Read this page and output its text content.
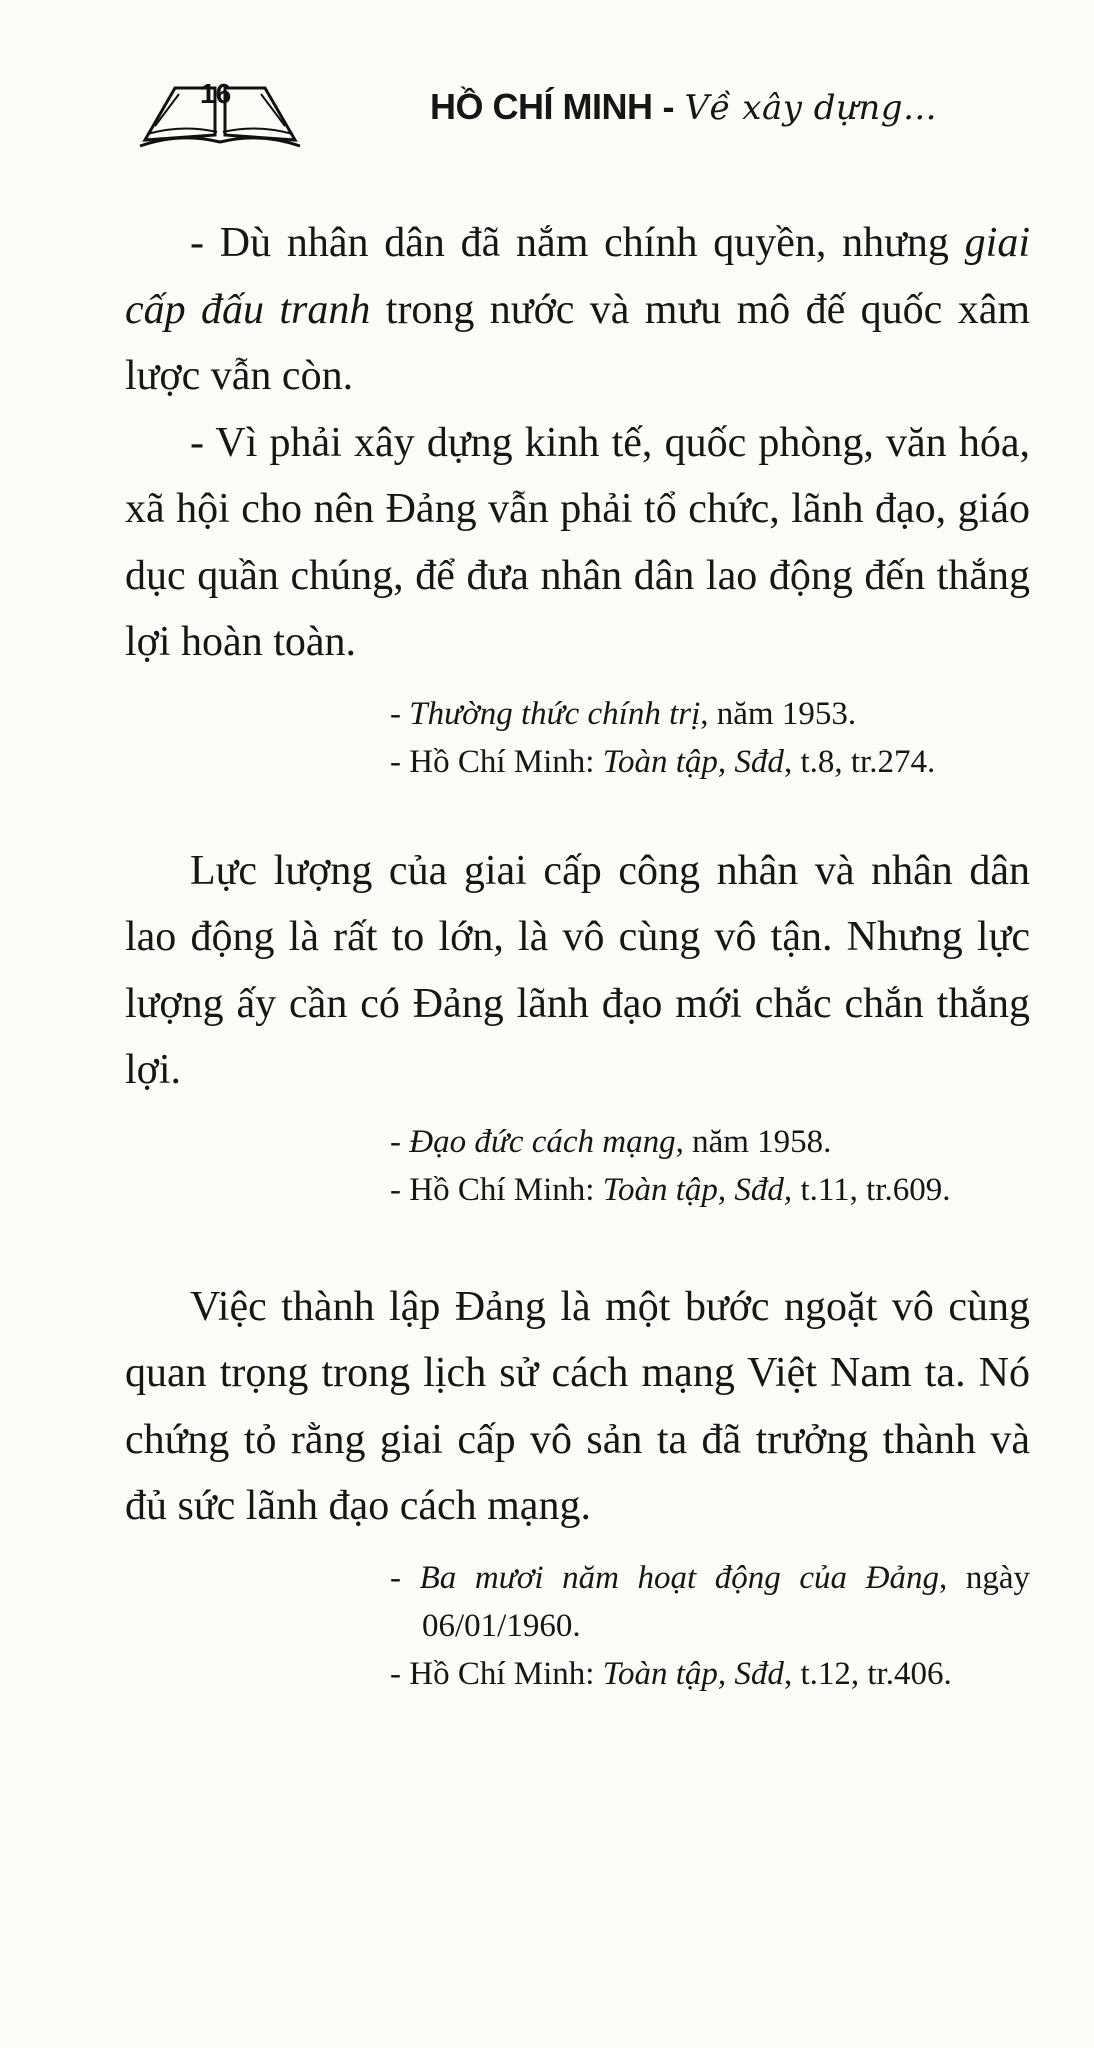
16	HỒ CHÍ MINH - Về xây dựng...

- Dù nhân dân đã nắm chính quyền, nhưng giai cấp đấu tranh trong nước và mưu mô đế quốc xâm lược vẫn còn.

- Vì phải xây dựng kinh tế, quốc phòng, văn hóa, xã hội cho nên Đảng vẫn phải tổ chức, lãnh đạo, giáo dục quần chúng, để đưa nhân dân lao động đến thắng lợi hoàn toàn.

- Thường thức chính trị, năm 1953.
- Hồ Chí Minh: Toàn tập, Sđd, t.8, tr.274.

Lực lượng của giai cấp công nhân và nhân dân lao động là rất to lớn, là vô cùng vô tận. Nhưng lực lượng ấy cần có Đảng lãnh đạo mới chắc chắn thắng lợi.

- Đạo đức cách mạng, năm 1958.
- Hồ Chí Minh: Toàn tập, Sđd, t.11, tr.609.

Việc thành lập Đảng là một bước ngoặt vô cùng quan trọng trong lịch sử cách mạng Việt Nam ta. Nó chứng tỏ rằng giai cấp vô sản ta đã trưởng thành và đủ sức lãnh đạo cách mạng.

- Ba mươi năm hoạt động của Đảng, ngày 06/01/1960.
- Hồ Chí Minh: Toàn tập, Sđd, t.12, tr.406.
